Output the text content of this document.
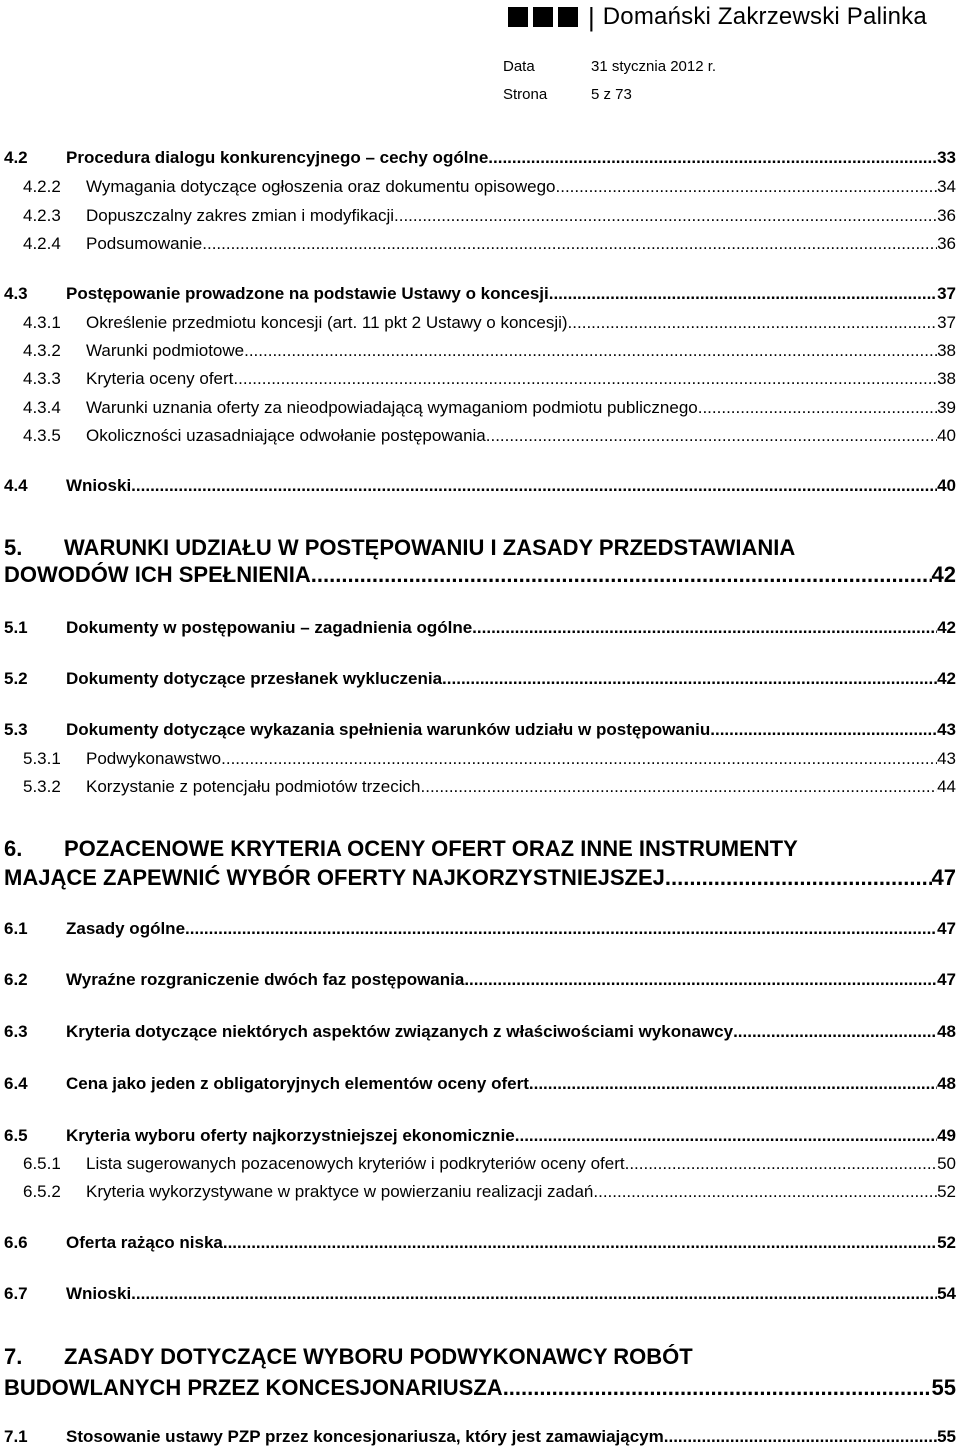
| Domański Zakrzewski Palinka
Data	31 stycznia 2012 r.
Strona	5 z 73
4.2	Procedura dialogu konkurencyjnego – cechy ogólne .....	33
4.2.2	Wymagania dotyczące ogłoszenia oraz dokumentu opisowego .....	34
4.2.3	Dopuszczalny zakres zmian i modyfikacji .....	36
4.2.4	Podsumowanie .....	36
4.3	Postępowanie prowadzone na podstawie Ustawy o koncesji .....	37
4.3.1	Określenie przedmiotu koncesji (art. 11 pkt 2 Ustawy o koncesji) .....	37
4.3.2	Warunki podmiotowe .....	38
4.3.3	Kryteria oceny ofert .....	38
4.3.4	Warunki uznania oferty za nieodpowiadającą wymaganiom podmiotu publicznego .....	39
4.3.5	Okoliczności uzasadniające odwołanie postępowania .....	40
4.4	Wnioski .....	40
5. WARUNKI UDZIAŁU W POSTĘPOWANIU I ZASADY PRZEDSTAWIANIA
DOWODÓW ICH SPEŁNIENIA .....	42
5.1	Dokumenty w postępowaniu – zagadnienia ogólne .....	42
5.2	Dokumenty dotyczące przesłanek wykluczenia .....	42
5.3	Dokumenty dotyczące wykazania spełnienia warunków udziału w postępowaniu .....	43
5.3.1	Podwykonawstwo .....	43
5.3.2	Korzystanie z potencjału podmiotów trzecich .....	44
6. POZACENOWE KRYTERIA OCENY OFERT ORAZ INNE INSTRUMENTY
MAJĄCE ZAPEWNIĆ WYBÓR OFERTY NAJKORZYSTNIEJSZEJ .....	47
6.1	Zasady ogólne .....	47
6.2	Wyraźne rozgraniczenie dwóch faz postępowania .....	47
6.3	Kryteria dotyczące niektórych aspektów związanych z właściwościami wykonawcy .....	48
6.4	Cena jako jeden z obligatoryjnych elementów oceny ofert .....	48
6.5	Kryteria wyboru oferty najkorzystniejszej ekonomicznie .....	49
6.5.1	Lista sugerowanych pozacenowych kryteriów i podkryteriów oceny ofert .....	50
6.5.2	Kryteria wykorzystywane w praktyce w powierzaniu realizacji zadań .....	52
6.6	Oferta rażąco niska .....	52
6.7	Wnioski .....	54
7. ZASADY DOTYCZĄCE WYBORU PODWYKONAWCY ROBÓT
BUDOWLANYCH PRZEZ KONCESJONARIUSZA .....	55
7.1	Stosowanie ustawy PZP przez koncesjonariusza, który jest zamawiającym .....	55
